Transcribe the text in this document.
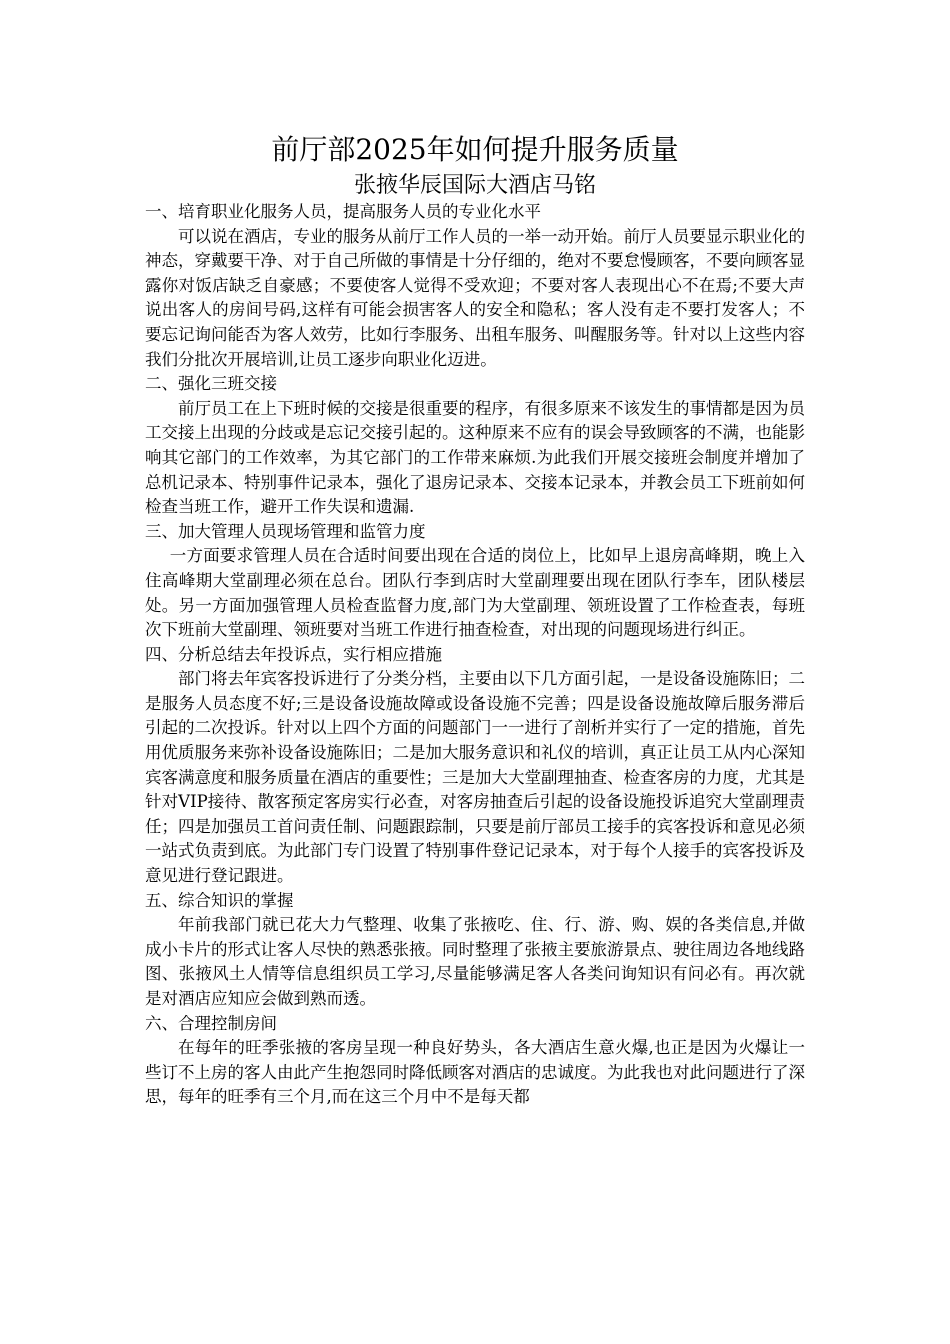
前厅部2025年如何提升服务质量
张掖华辰国际大酒店马铭

一、培育职业化服务人员，提高服务人员的专业化水平

可以说在酒店，专业的服务从前厅工作人员的一举一动开始。前厅人员要显示职业化的神态，穿戴要干净、对于自己所做的事情是十分仔细的，绝对不要怠慢顾客，不要向顾客显露你对饭店缺乏自豪感；不要使客人觉得不受欢迎；不要对客人表现出心不在焉;不要大声说出客人的房间号码,这样有可能会损害客人的安全和隐私；客人没有走不要打发客人；不要忘记询问能否为客人效劳，比如行李服务、出租车服务、叫醒服务等。针对以上这些内容我们分批次开展培训,让员工逐步向职业化迈进。

二、强化三班交接

前厅员工在上下班时候的交接是很重要的程序，有很多原来不该发生的事情都是因为员工交接上出现的分歧或是忘记交接引起的。这种原来不应有的误会导致顾客的不满，也能影响其它部门的工作效率，为其它部门的工作带来麻烦.为此我们开展交接班会制度并增加了总机记录本、特别事件记录本，强化了退房记录本、交接本记录本，并教会员工下班前如何检查当班工作，避开工作失误和遗漏.

三、加大管理人员现场管理和监管力度

一方面要求管理人员在合适时间要出现在合适的岗位上，比如早上退房高峰期，晚上入住高峰期大堂副理必须在总台。团队行李到店时大堂副理要出现在团队行李车，团队楼层处。另一方面加强管理人员检查监督力度,部门为大堂副理、领班设置了工作检查表，每班次下班前大堂副理、领班要对当班工作进行抽查检查，对出现的问题现场进行纠正。

四、分析总结去年投诉点，实行相应措施

部门将去年宾客投诉进行了分类分档，主要由以下几方面引起，一是设备设施陈旧；二是服务人员态度不好;三是设备设施故障或设备设施不完善；四是设备设施故障后服务滞后引起的二次投诉。针对以上四个方面的问题部门一一进行了剖析并实行了一定的措施，首先用优质服务来弥补设备设施陈旧；二是加大服务意识和礼仪的培训，真正让员工从内心深知宾客满意度和服务质量在酒店的重要性；三是加大大堂副理抽查、检查客房的力度，尤其是针对VIP接待、散客预定客房实行必查，对客房抽查后引起的设备设施投诉追究大堂副理责任；四是加强员工首问责任制、问题跟踪制，只要是前厅部员工接手的宾客投诉和意见必须一站式负责到底。为此部门专门设置了特别事件登记记录本，对于每个人接手的宾客投诉及意见进行登记跟进。

五、综合知识的掌握

年前我部门就已花大力气整理、收集了张掖吃、住、行、游、购、娱的各类信息,并做成小卡片的形式让客人尽快的熟悉张掖。同时整理了张掖主要旅游景点、驶往周边各地线路图、张掖风土人情等信息组织员工学习,尽量能够满足客人各类问询知识有问必有。再次就是对酒店应知应会做到熟而透。

六、合理控制房间

在每年的旺季张掖的客房呈现一种良好势头，各大酒店生意火爆,也正是因为火爆让一些订不上房的客人由此产生抱怨同时降低顾客对酒店的忠诚度。为此我也对此问题进行了深思，每年的旺季有三个月,而在这三个月中不是每天都
